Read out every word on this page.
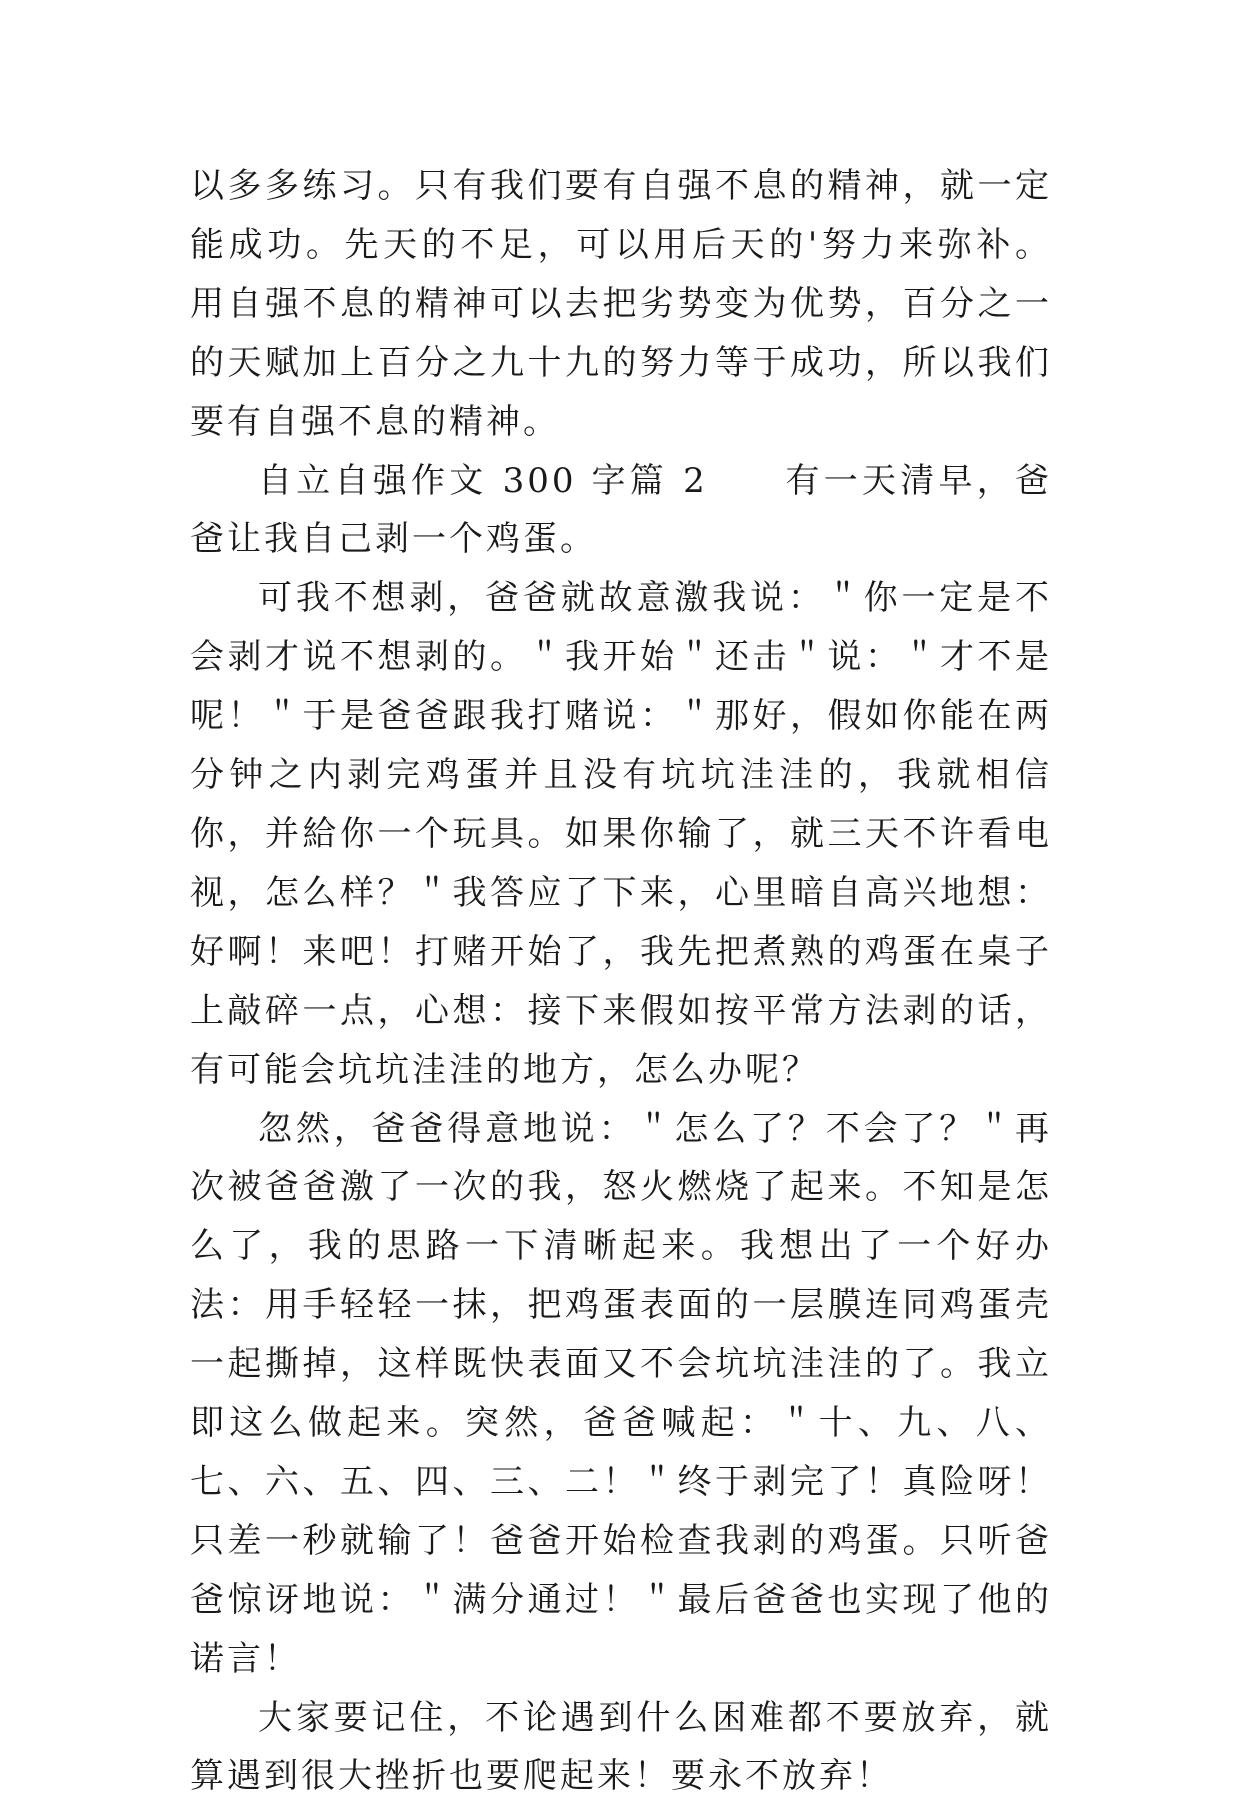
以多多练习。只有我们要有自强不息的精神，就一定能成功。先天的不足，可以用后天的'努力来弥补。用自强不息的精神可以去把劣势变为优势，百分之一的天赋加上百分之九十九的努力等于成功，所以我们要有自强不息的精神。

自立自强作文 300 字篇 2　　有一天清早，爸爸让我自己剥一个鸡蛋。

可我不想剥，爸爸就故意激我说：＂你一定是不会剥才说不想剥的。＂我开始＂还击＂说：＂才不是呢！＂于是爸爸跟我打赌说：＂那好，假如你能在两分钟之内剥完鸡蛋并且没有坑坑洼洼的，我就相信你，并給你一个玩具。如果你输了，就三天不许看电视，怎么样？＂我答应了下来，心里暗自高兴地想：好啊！来吧！打赌开始了，我先把煮熟的鸡蛋在桌子上敲碎一点，心想：接下来假如按平常方法剥的话，有可能会坑坑洼洼的地方，怎么办呢？

忽然，爸爸得意地说：＂怎么了？不会了？＂再次被爸爸激了一次的我，怒火燃烧了起来。不知是怎么了，我的思路一下清晰起来。我想出了一个好办法：用手轻轻一抹，把鸡蛋表面的一层膜连同鸡蛋壳一起撕掉，这样既快表面又不会坑坑洼洼的了。我立即这么做起来。突然，爸爸喊起：＂十、九、八、七、六、五、四、三、二！＂终于剥完了！真险呀！只差一秒就输了！爸爸开始检查我剥的鸡蛋。只听爸爸惊讶地说：＂满分通过！＂最后爸爸也实现了他的诺言！

大家要记住，不论遇到什么困难都不要放弃，就算遇到很大挫折也要爬起来！要永不放弃！
